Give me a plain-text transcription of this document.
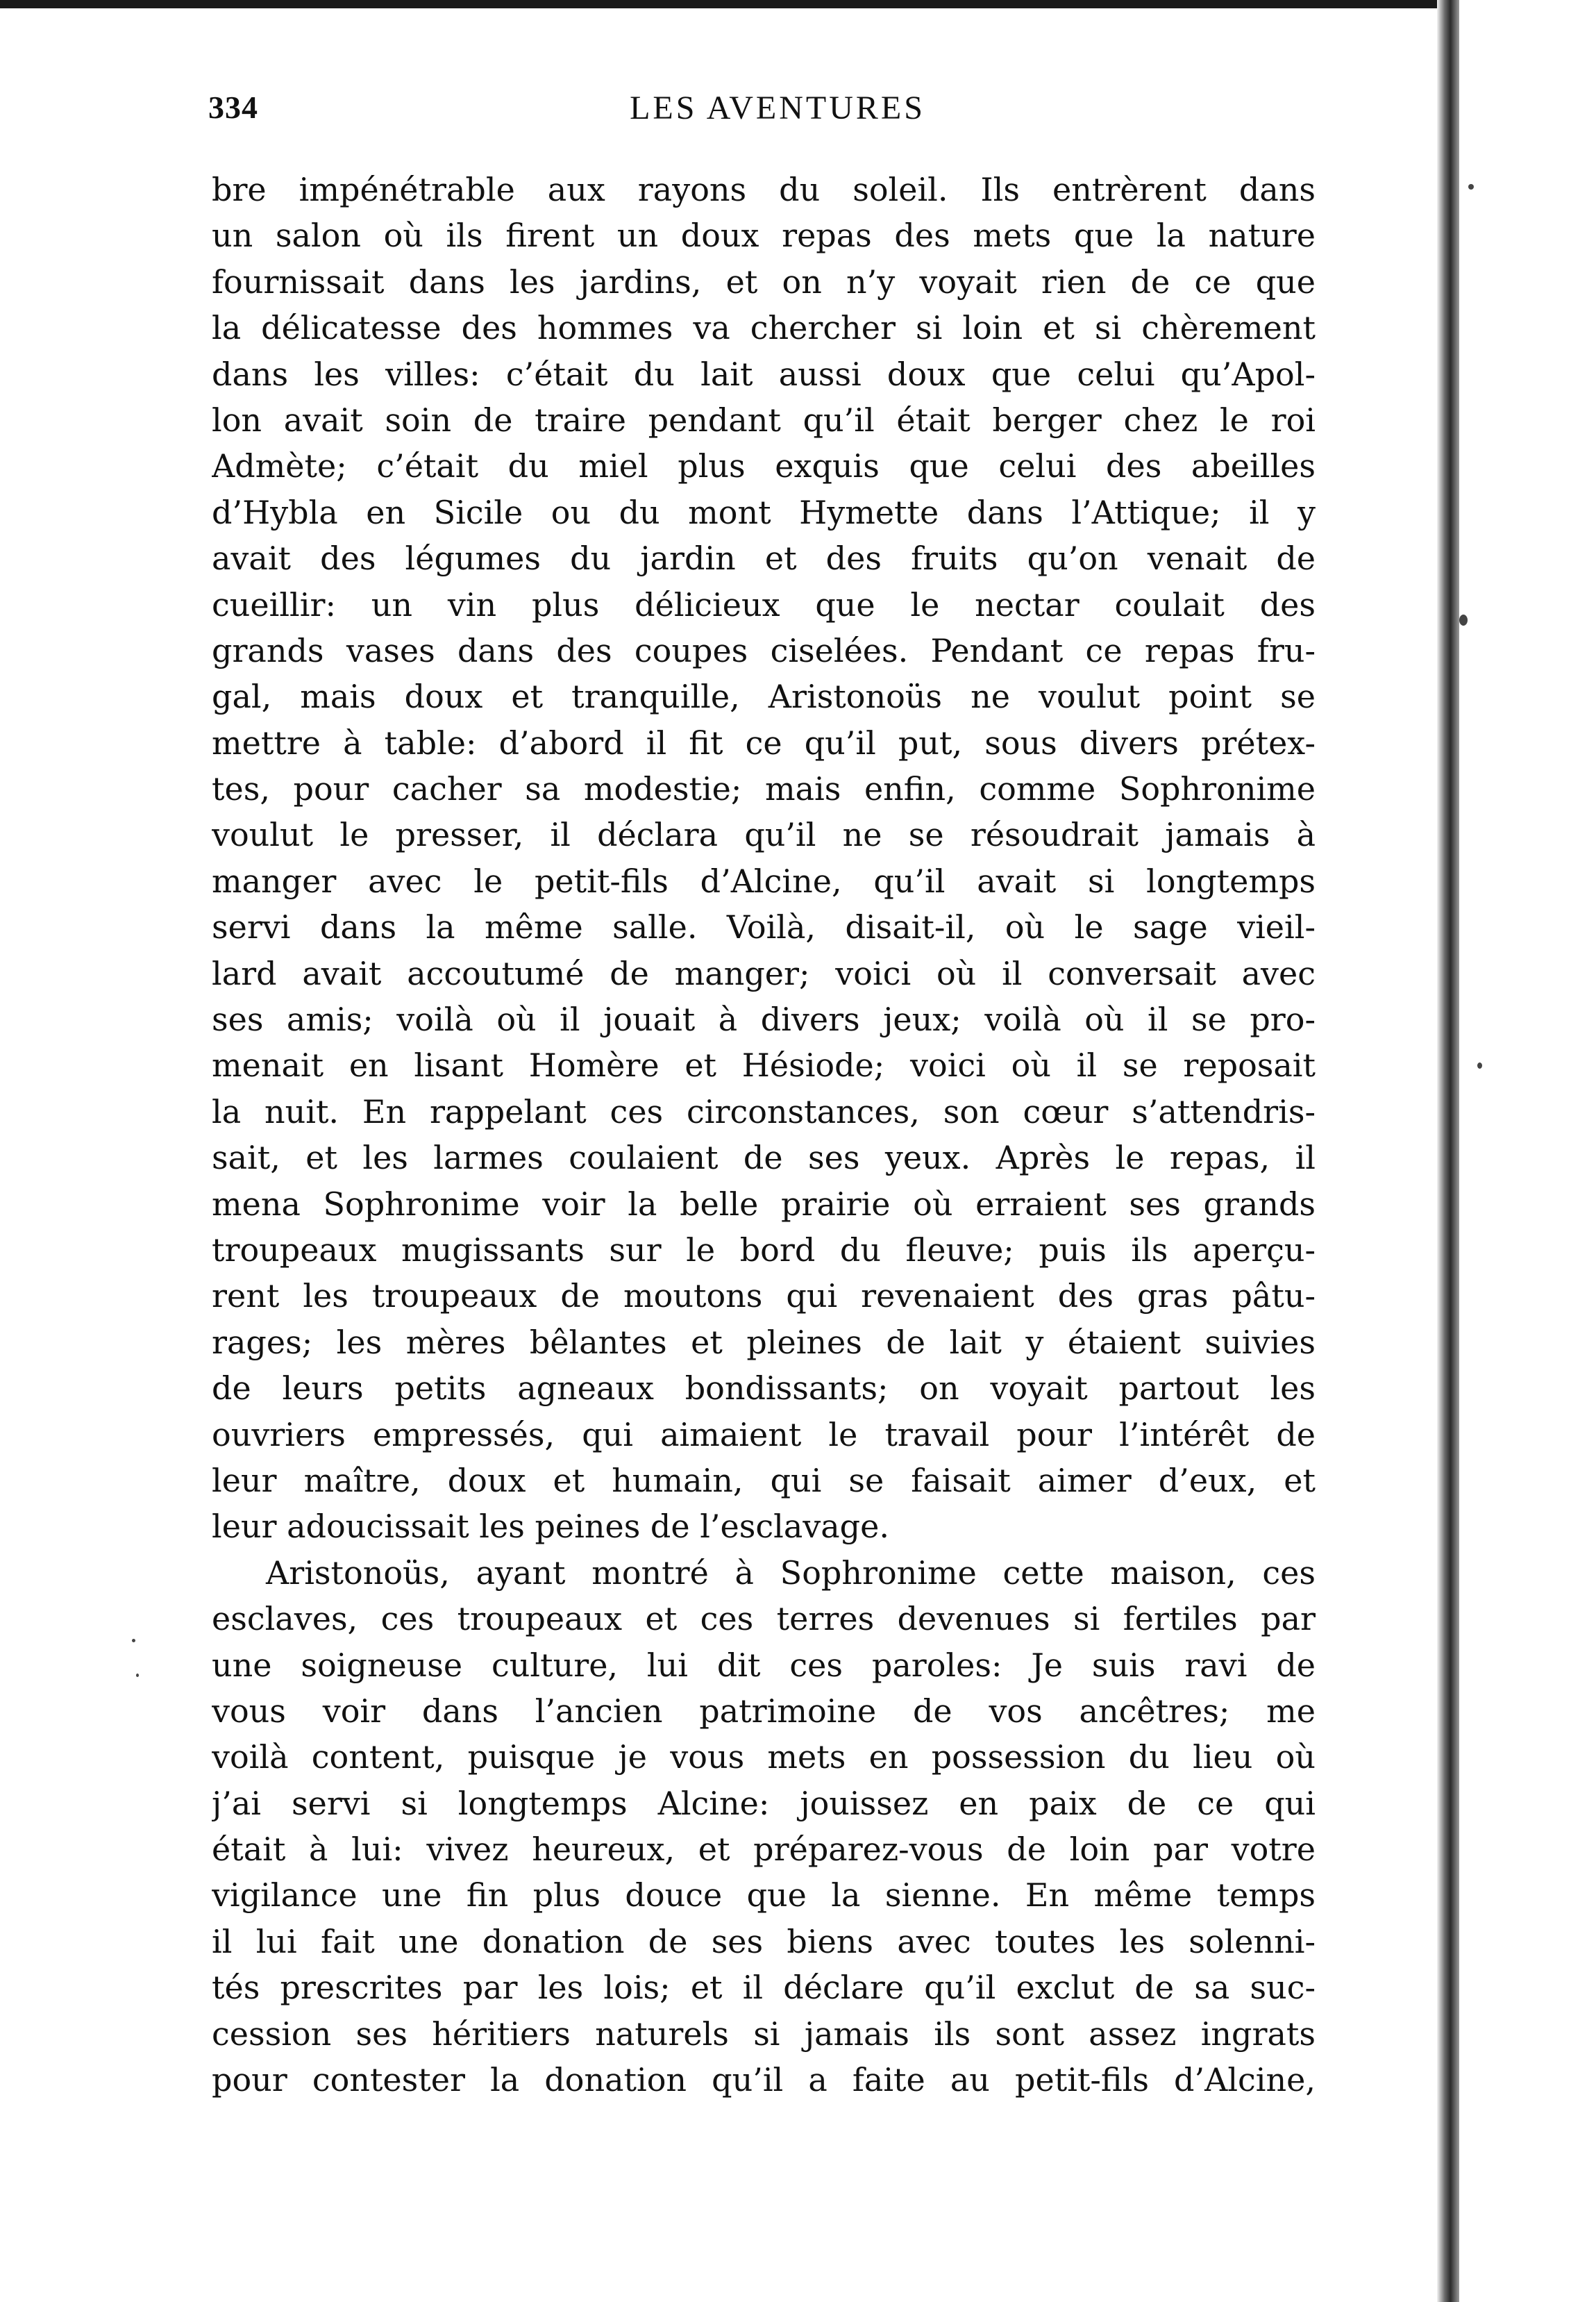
334	LES AVENTURES
bre impénétrable aux rayons du soleil. Ils entrèrent dans
un salon où ils firent un doux repas des mets que la nature
fournissait dans les jardins, et on n’y voyait rien de ce que
la délicatesse des hommes va chercher si loin et si chèrement
dans les villes: c’était du lait aussi doux que celui qu’Apol-
lon avait soin de traire pendant qu’il était berger chez le roi
Admète; c’était du miel plus exquis que celui des abeilles
d’Hybla en Sicile ou du mont Hymette dans l’Attique; il y
avait des légumes du jardin et des fruits qu’on venait de
cueillir: un vin plus délicieux que le nectar coulait des
grands vases dans des coupes ciselées. Pendant ce repas fru-
gal, mais doux et tranquille, Aristonoüs ne voulut point se
mettre à table: d’abord il fit ce qu’il put, sous divers prétex-
tes, pour cacher sa modestie; mais enfin, comme Sophronime
voulut le presser, il déclara qu’il ne se résoudrait jamais à
manger avec le petit-fils d’Alcine, qu’il avait si longtemps
servi dans la même salle. Voilà, disait-il, où le sage vieil-
lard avait accoutumé de manger; voici où il conversait avec
ses amis; voilà où il jouait à divers jeux; voilà où il se pro-
menait en lisant Homère et Hésiode; voici où il se reposait
la nuit. En rappelant ces circonstances, son cœur s’attendris-
sait, et les larmes coulaient de ses yeux. Après le repas, il
mena Sophronime voir la belle prairie où erraient ses grands
troupeaux mugissants sur le bord du fleuve; puis ils aperçu-
rent les troupeaux de moutons qui revenaient des gras pâtu-
rages; les mères bêlantes et pleines de lait y étaient suivies
de leurs petits agneaux bondissants; on voyait partout les
ouvriers empressés, qui aimaient le travail pour l’intérêt de
leur maître, doux et humain, qui se faisait aimer d’eux, et
leur adoucissait les peines de l’esclavage.
Aristonoüs, ayant montré à Sophronime cette maison, ces
esclaves, ces troupeaux et ces terres devenues si fertiles par
une soigneuse culture, lui dit ces paroles: Je suis ravi de
vous voir dans l’ancien patrimoine de vos ancêtres; me
voilà content, puisque je vous mets en possession du lieu où
j’ai servi si longtemps Alcine: jouissez en paix de ce qui
était à lui: vivez heureux, et préparez-vous de loin par votre
vigilance une fin plus douce que la sienne. En même temps
il lui fait une donation de ses biens avec toutes les solenni-
tés prescrites par les lois; et il déclare qu’il exclut de sa suc-
cession ses héritiers naturels si jamais ils sont assez ingrats
pour contester la donation qu’il a faite au petit-fils d’Alcine,
